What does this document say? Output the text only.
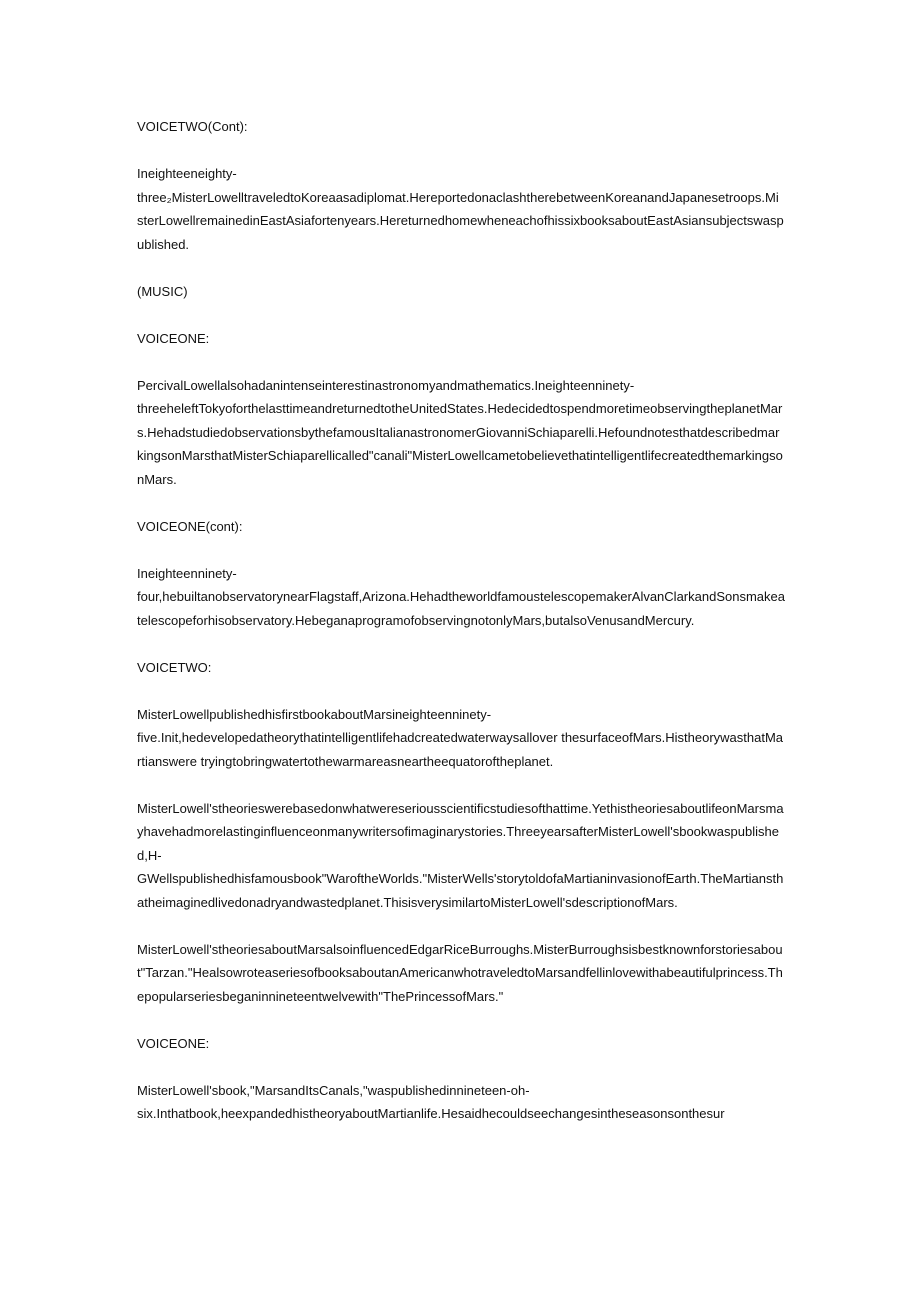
VOICETWO(Cont):

Ineighteeneighty-
three₂MisterLowelltraveledtoKoreaasadiplomat.HereportedonaclashtherebetweenKoreanandJapanesetroops.MisterLowellremainedinEastAsiafortenyears.HereturnedhomewheneachofhissixbooksaboutEastAsiansubjectswaspublished.

(MUSIC)

VOICEONE:

PercivalLowellalsohadanintenseinterestinastronomyandmathematics.Ineighteenninety-
threeheleftTokyoforthelasttimeandreturnedtotheUnitedStates.HedecidedtospendmoretimeobservingtheplanetMars.HehadstudiedobservationsbythefamousItalianastronomerGiovanniSchiaparelli.HefoundnotesthatdescribedmarkingsonMarsthatMisterSchiaparellicalled"canali"MisterLowellcametobelievethatintelligentlifecreatedthemarkingsonMars.

VOICEONE(cont):

Ineighteenninety-
four,hebuiltanobservatorynearFlagstaff,Arizona.HehadtheworldfamoustelescopemakerAlvanClarkandSonsmakeatelescopeforhisobservatory.HebeganaprogramofobservingnotonlyMars,butalsoVenusandMercury.

VOICETWO:

MisterLowellpublishedhisfirstbookaboutMarsineighteenninety-
five.Init,hedevelopedatheorythatintelligentlifehadcreatedwaterwaysallover thesurfaceofMars.HistheorywasthatMartianswere tryingtobringwatertothewarmareasneartheequatoroftheplanet.

MisterLowell'stheorieswerebasedonwhatwereseriousscientificstudiesofthattime.YethistheoriesaboutlifeonMarsmayhavehadmorelastinginfluenceonmanywritersofimaginarystories.ThreeyearsafterMisterLowell'sbookwaspublished,H-
GWellspublishedhisfamousbook"WaroftheWorlds."MisterWells'storytoldofaMartianinvasionofEarth.TheMartiansthatheimaginedlivedonadryandwastedplanet.ThisisverysimilartoMisterLowell'sdescriptionofMars.

MisterLowell'stheoriesaboutMarsalsoinfluencedEdgarRiceBurroughs.MisterBurroughsisbestknownforstoriesabout"Tarzan."HealsowroteaseriesofbooksaboutanAmericanwhotraveledtoMarsandfellinlovewithabeautifulprincess.Thepopularseriesbeganinnineteentwelvewith"ThePrincessofMars."

VOICEONE:

MisterLowell'sbook,"MarsandItsCanals,"waspublishedinnineteen-oh-
six.Inthatbook,heexpandedhistheoryaboutMartianlife.Hesaidhecouldseechangesintheseasonsonthesur
